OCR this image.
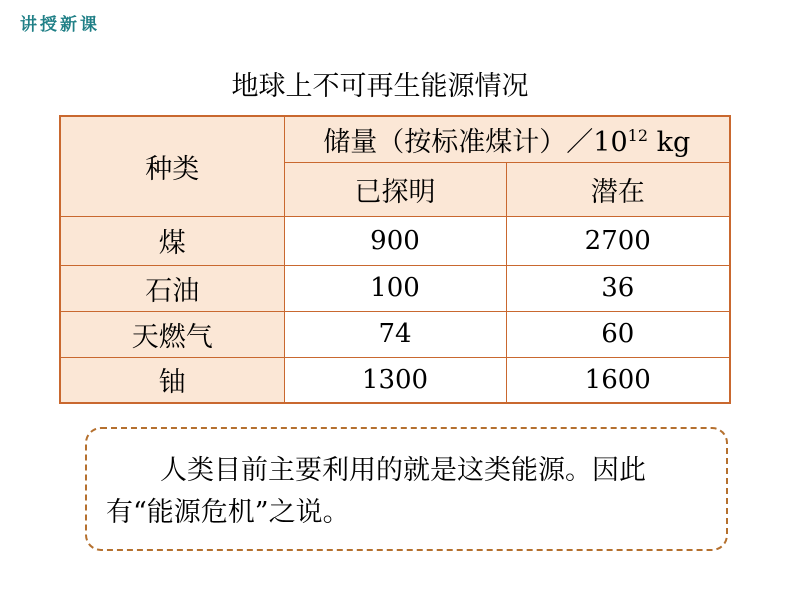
讲授新课
地球上不可再生能源情况
种类	储量（按标准煤计）$/10^{12}$ kg	
	已探明	潜在
煤	900	2700
石油	100	36
天燃气	74	60
铀	1300	1600
人类目前主要利用的就是这类能源。因此有“能源危机”之说。
